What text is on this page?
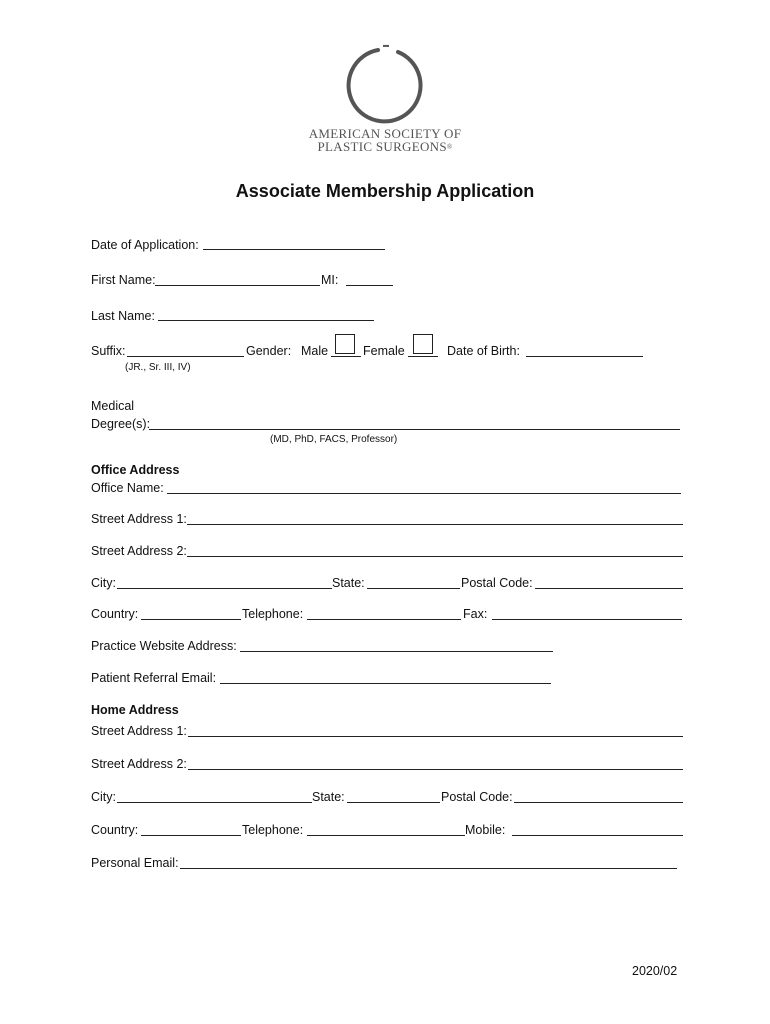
AMERICAN SOCIETY OF
PLASTIC SURGEONS®
Associate Membership Application
Date of Application:
First Name:	MI:
Last Name:
Suffix:	Gender: Male	Female	Date of Birth:
(JR., Sr. III, IV)
Medical
Degree(s):
(MD, PhD, FACS, Professor)
Office Address
Office Name:
Street Address 1:
Street Address 2:
City:	State:	Postal Code:
Country:	Telephone:	Fax:
Practice Website Address:
Patient Referral Email:
Home Address
Street Address 1:
Street Address 2:
City:	State:	Postal Code:
Country:	Telephone:	Mobile:
Personal Email:
2020/02
